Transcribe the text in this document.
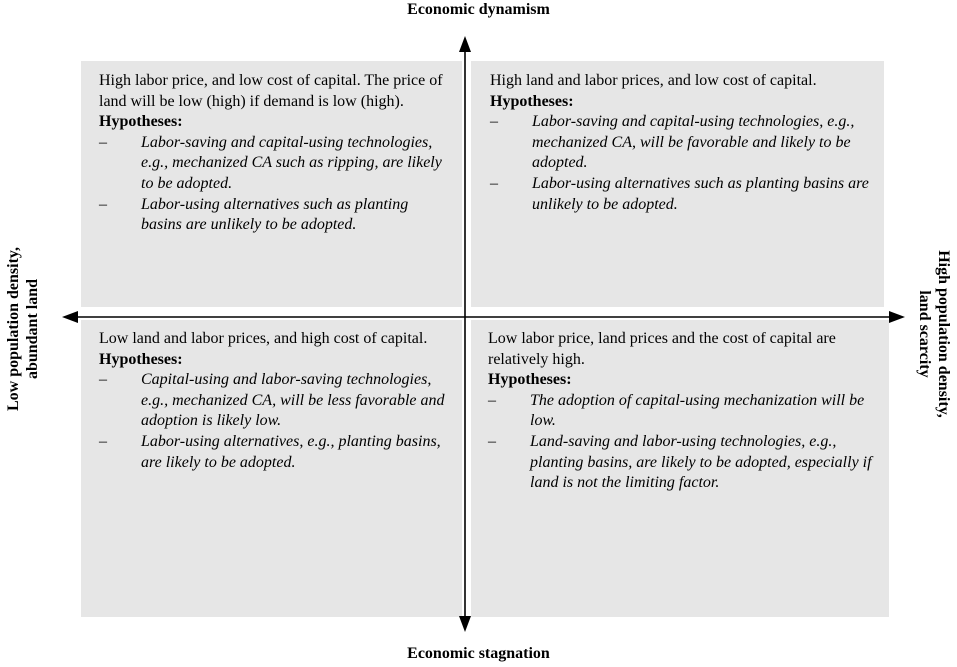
Economic dynamism
Economic stagnation
Low population density, abundant land	High population density,
land scarcity

High labor price, and low cost of capital. The price of land will be low (high) if demand is low (high).

Hypotheses:

– Labor-saving and capital-using technologies, e.g., mechanized CA such as ripping, are likely to be adopted.
– Labor-using alternatives such as planting basins are unlikely to be adopted.

High land and labor prices, and low cost of capital.

Hypotheses:

– Labor-saving and capital-using technologies, e.g., mechanized CA, will be favorable and likely to be adopted.
– Labor-using alternatives such as planting basins are unlikely to be adopted.

Low land and labor prices, and high cost of capital.

Hypotheses:

– Capital-using and labor-saving technologies, e.g., mechanized CA, will be less favorable and adoption is likely low.
– Labor-using alternatives, e.g., planting basins, are likely to be adopted.

Low labor price, land prices and the cost of capital are relatively high.

Hypotheses:

– The adoption of capital-using mechanization will be low.
– Land-saving and labor-using technologies, e.g., planting basins, are likely to be adopted, especially if land is not the limiting factor.
